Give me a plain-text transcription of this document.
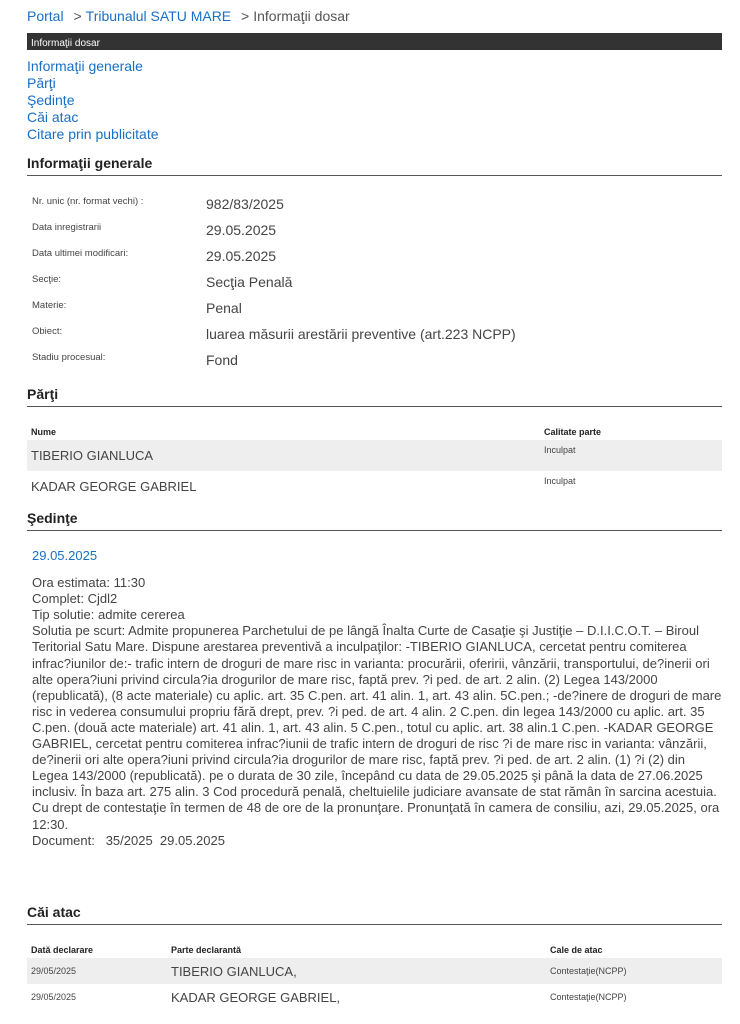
Portal > Tribunalul SATU MARE > Informaţii dosar
Informaţii dosar
Informaţii generale
Părţi
Şedinţe
Căi atac
Citare prin publicitate
Informaţii generale
Nr. unic (nr. format vechi) :	982/83/2025
Data inregistrarii	29.05.2025
Data ultimei modificari:	29.05.2025
Secţie:	Secţia Penală
Materie:	Penal
Obiect:	luarea măsurii arestării preventive (art.223 NCPP)
Stadiu procesual:	Fond
Părţi
Nume	Calitate parte
TIBERIO GIANLUCA	Inculpat
KADAR GEORGE GABRIEL	Inculpat
Şedinţe
29.05.2025
Ora estimata: 11:30
Complet: Cjdl2
Tip solutie: admite cererea
Solutia pe scurt: Admite propunerea Parchetului de pe lângă Înalta Curte de Casaţie şi Justiţie – D.I.I.C.O.T. – Biroul Teritorial Satu Mare. Dispune arestarea preventivă a inculpaţilor: -TIBERIO GIANLUCA, cercetat pentru comiterea infrac?iunilor de:- trafic intern de droguri de mare risc in varianta: procurării, oferirii, vânzării, transportului, de?inerii ori alte opera?iuni privind circula?ia drogurilor de mare risc, faptă prev. ?i ped. de art. 2 alin. (2) Legea 143/2000 (republicată), (8 acte materiale) cu aplic. art. 35 C.pen. art. 41 alin. 1, art. 43 alin. 5C.pen.; -de?inere de droguri de mare risc in vederea consumului propriu fără drept, prev. ?i ped. de art. 4 alin. 2 C.pen. din legea 143/2000 cu aplic. art. 35 C.pen. (două acte materiale) art. 41 alin. 1, art. 43 alin. 5 C.pen., totul cu aplic. art. 38 alin.1 C.pen. -KADAR GEORGE GABRIEL, cercetat pentru comiterea infrac?iunii de trafic intern de droguri de risc ?i de mare risc in varianta: vânzării, de?inerii ori alte opera?iuni privind circula?ia drogurilor de mare risc, faptă prev. ?i ped. de art. 2 alin. (1) ?i (2) din Legea 143/2000 (republicată). pe o durata de 30 zile, începând cu data de 29.05.2025 şi până la data de 27.06.2025 inclusiv. În baza art. 275 alin. 3 Cod procedură penală, cheltuielile judiciare avansate de stat rămân în sarcina acestuia. Cu drept de contestaţie în termen de 48 de ore de la pronunţare. Pronunţată în camera de consiliu, azi, 29.05.2025, ora 12:30.
Document:   35/2025  29.05.2025
Căi atac
Dată declarare	Parte declarantă	Cale de atac
29/05/2025	TIBERIO GIANLUCA,	Contestaţie(NCPP)
29/05/2025	KADAR GEORGE GABRIEL,	Contestaţie(NCPP)
